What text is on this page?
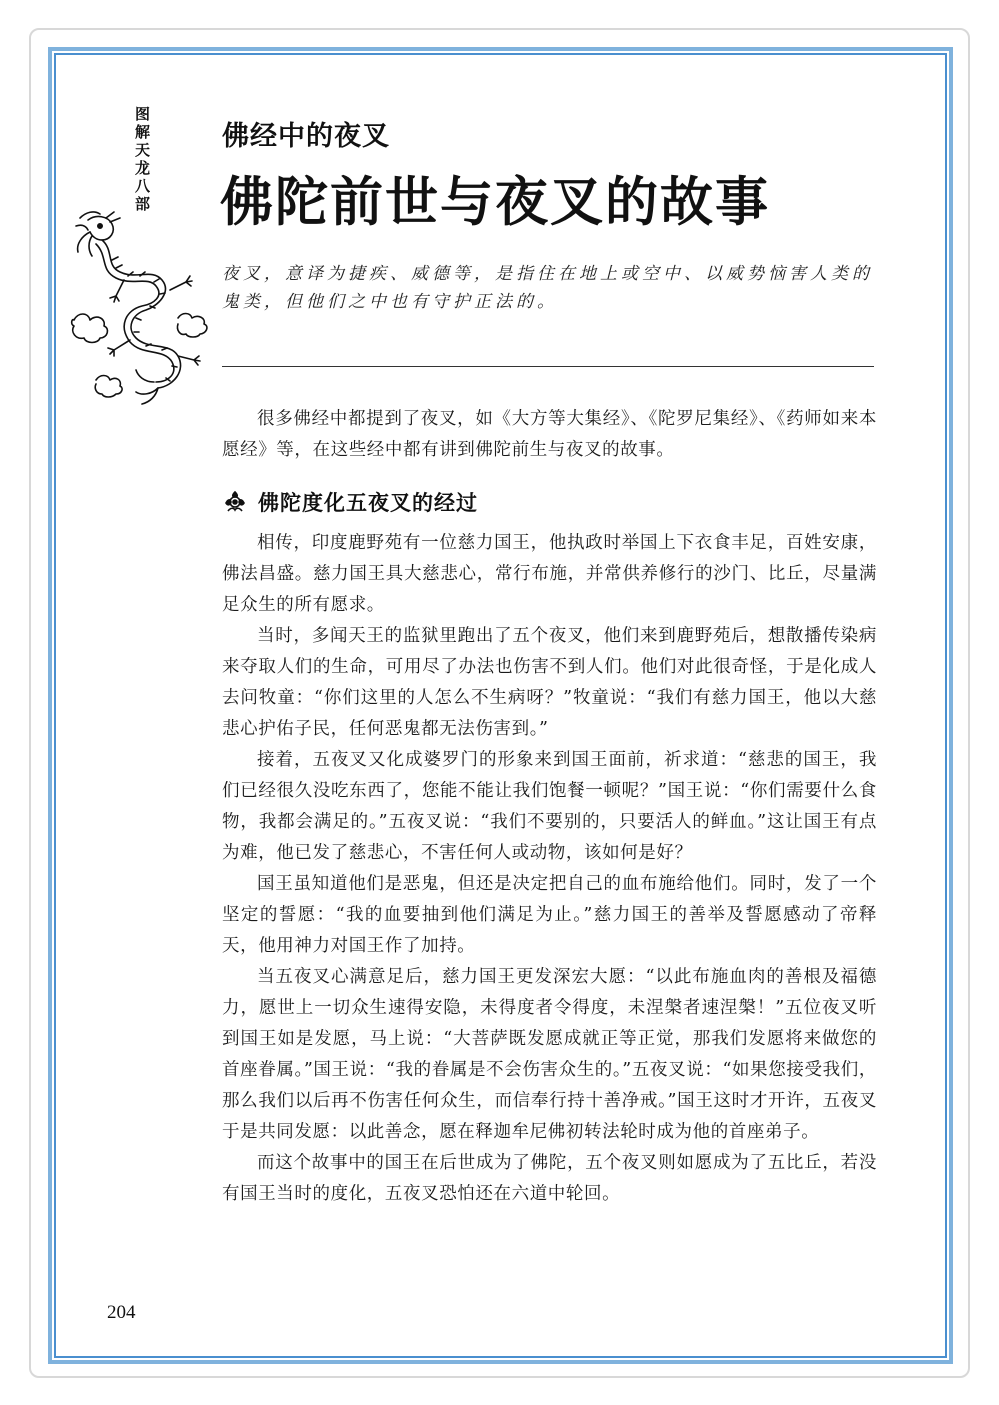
图解天龙八部	佛经中的夜叉
佛陀前世与夜叉的故事
夜叉，意译为捷疾、威德等，是指住在地上或空中、以威势恼害人类的鬼类，但他们之中也有守护正法的。

很多佛经中都提到了夜叉，如《大方等大集经》、《陀罗尼集经》、《药师如来本愿经》等，在这些经中都有讲到佛陀前生与夜叉的故事。

佛陀度化五夜叉的经过

相传，印度鹿野苑有一位慈力国王，他执政时举国上下衣食丰足，百姓安康，佛法昌盛。慈力国王具大慈悲心，常行布施，并常供养修行的沙门、比丘，尽量满足众生的所有愿求。

当时，多闻天王的监狱里跑出了五个夜叉，他们来到鹿野苑后，想散播传染病来夺取人们的生命，可用尽了办法也伤害不到人们。他们对此很奇怪，于是化成人去问牧童：“你们这里的人怎么不生病呀？”牧童说：“我们有慈力国王，他以大慈悲心护佑子民，任何恶鬼都无法伤害到。”

接着，五夜叉又化成婆罗门的形象来到国王面前，祈求道：“慈悲的国王，我们已经很久没吃东西了，您能不能让我们饱餐一顿呢？”国王说：“你们需要什么食物，我都会满足的。”五夜叉说：“我们不要别的，只要活人的鲜血。”这让国王有点为难，他已发了慈悲心，不害任何人或动物，该如何是好？

国王虽知道他们是恶鬼，但还是决定把自己的血布施给他们。同时，发了一个坚定的誓愿：“我的血要抽到他们满足为止。”慈力国王的善举及誓愿感动了帝释天，他用神力对国王作了加持。

当五夜叉心满意足后，慈力国王更发深宏大愿：“以此布施血肉的善根及福德力，愿世上一切众生速得安隐，未得度者令得度，未涅槃者速涅槃！”五位夜叉听到国王如是发愿，马上说：“大菩萨既发愿成就正等正觉，那我们发愿将来做您的首座眷属。”国王说：“我的眷属是不会伤害众生的。”五夜叉说：“如果您接受我们，那么我们以后再不伤害任何众生，而信奉行持十善净戒。”国王这时才开许，五夜叉于是共同发愿：以此善念，愿在释迦牟尼佛初转法轮时成为他的首座弟子。

而这个故事中的国王在后世成为了佛陀，五个夜叉则如愿成为了五比丘，若没有国王当时的度化，五夜叉恐怕还在六道中轮回。

204
